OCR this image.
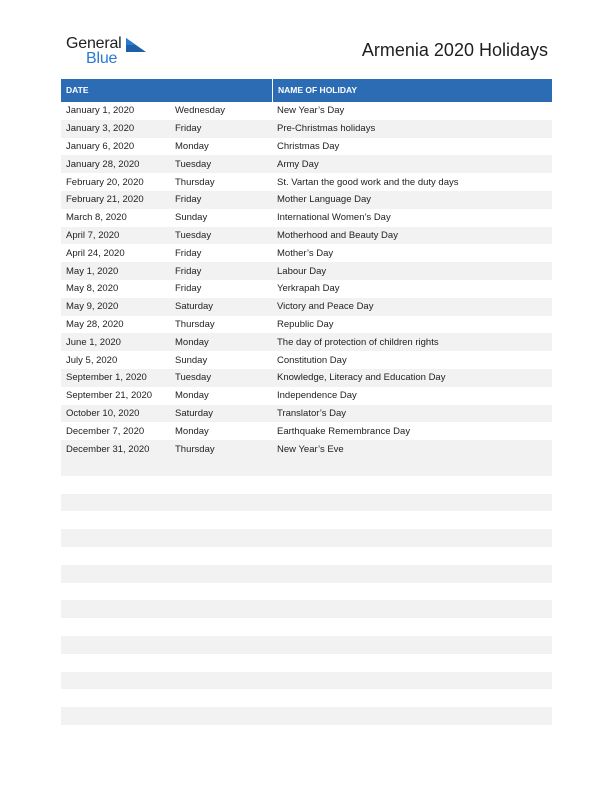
General
Blue	Armenia 2020 Holidays
DATE	NAME OF HOLIDAY
January 1, 2020	Wednesday	New Year’s Day
January 3, 2020	Friday	Pre-Christmas holidays
January 6, 2020	Monday	Christmas Day
January 28, 2020	Tuesday	Army Day
February 20, 2020	Thursday	St. Vartan the good work and the duty days
February 21, 2020	Friday	Mother Language Day
March 8, 2020	Sunday	International Women’s Day
April 7, 2020	Tuesday	Motherhood and Beauty Day
April 24, 2020	Friday	Mother’s Day
May 1, 2020	Friday	Labour Day
May 8, 2020	Friday	Yerkrapah Day
May 9, 2020	Saturday	Victory and Peace Day
May 28, 2020	Thursday	Republic Day
June 1, 2020	Monday	The day of protection of children rights
July 5, 2020	Sunday	Constitution Day
September 1, 2020	Tuesday	Knowledge, Literacy and Education Day
September 21, 2020	Monday	Independence Day
October 10, 2020	Saturday	Translator’s Day
December 7, 2020	Monday	Earthquake Remembrance Day
December 31, 2020	Thursday	New Year’s Eve
